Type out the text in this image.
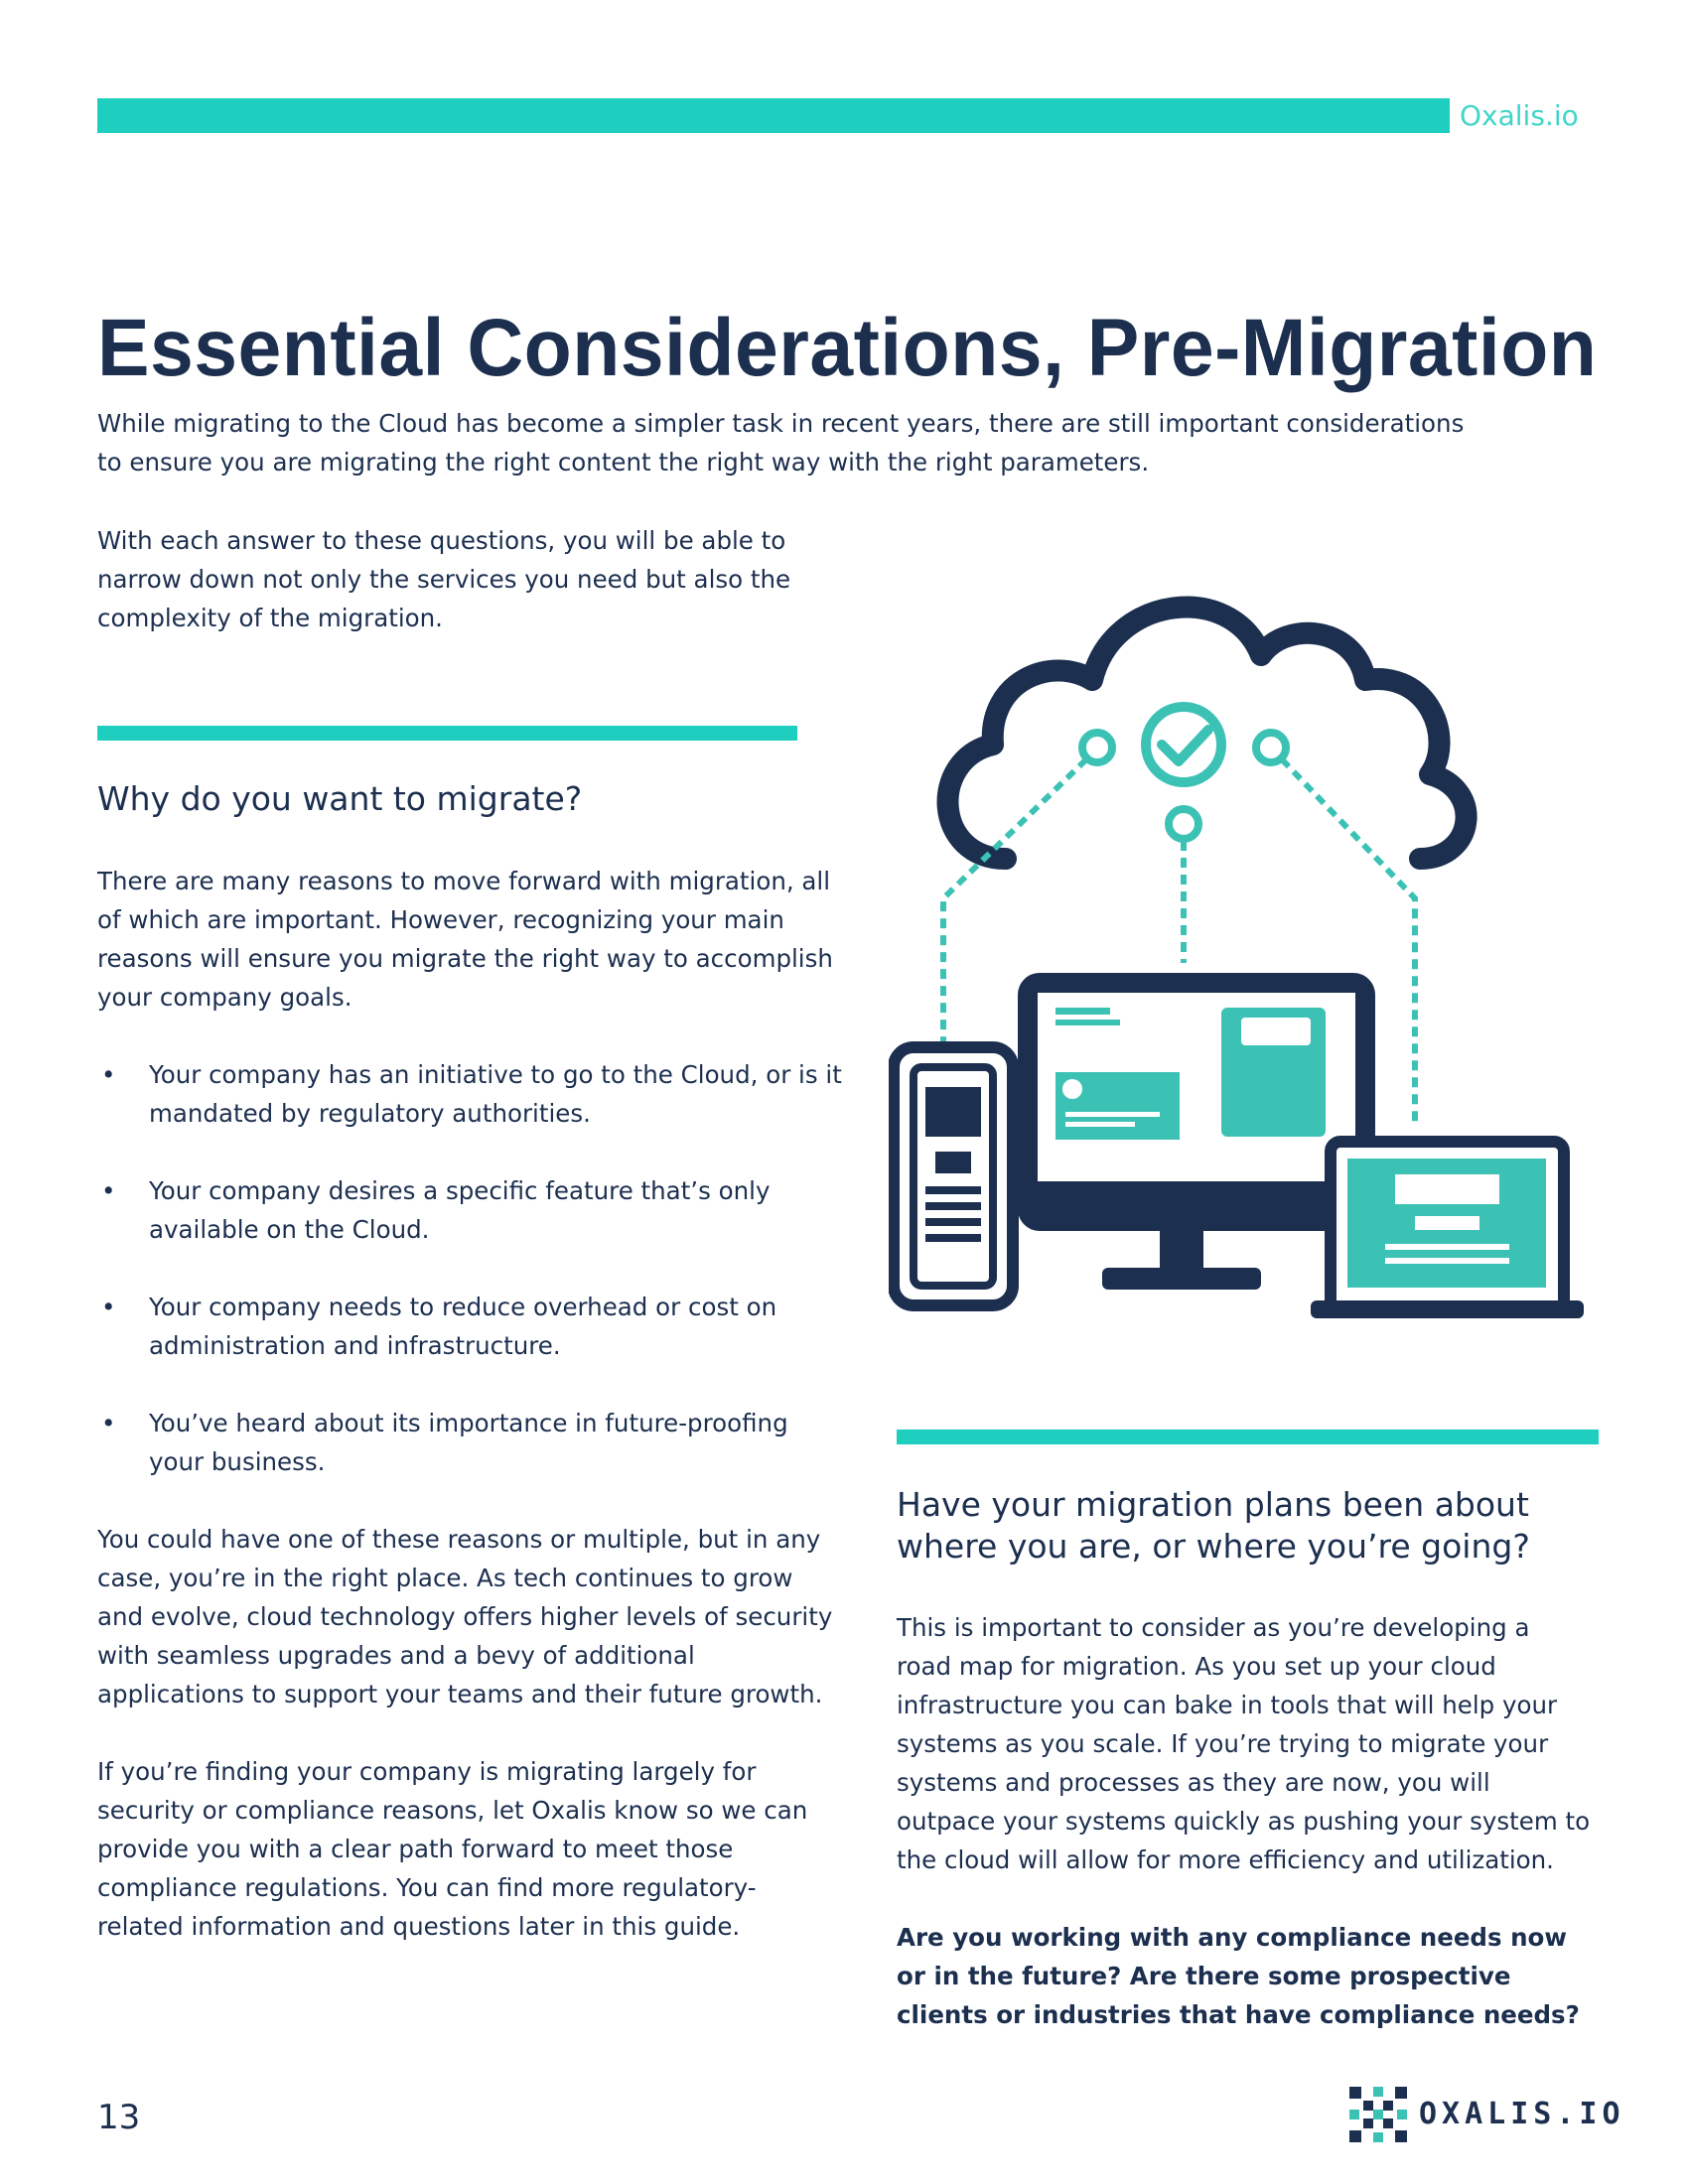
Oxalis.io
Essential Considerations, Pre-Migration

While migrating to the Cloud has become a simpler task in recent years, there are still important considerations to ensure you are migrating the right content the right way with the right parameters.

With each answer to these questions, you will be able to narrow down not only the services you need but also the complexity of the migration.

Why do you want to migrate?

There are many reasons to move forward with migration, all of which are important. However, recognizing your main reasons will ensure you migrate the right way to accomplish your company goals.

• Your company has an initiative to go to the Cloud, or is it mandated by regulatory authorities.
• Your company desires a specific feature that’s only available on the Cloud.
• Your company needs to reduce overhead or cost on administration and infrastructure.
• You’ve heard about its importance in future-proofing your business.

You could have one of these reasons or multiple, but in any case, you’re in the right place. As tech continues to grow and evolve, cloud technology offers higher levels of security with seamless upgrades and a bevy of additional applications to support your teams and their future growth.

If you’re finding your company is migrating largely for security or compliance reasons, let Oxalis know so we can provide you with a clear path forward to meet those compliance regulations. You can find more regulatory-related information and questions later in this guide.

Have your migration plans been about where you are, or where you’re going?

This is important to consider as you’re developing a road map for migration. As you set up your cloud infrastructure you can bake in tools that will help your systems as you scale. If you’re trying to migrate your systems and processes as they are now, you will outpace your systems quickly as pushing your system to the cloud will allow for more efficiency and utilization.

Are you working with any compliance needs now or in the future? Are there some prospective clients or industries that have compliance needs?

13	OXALIS.IO
